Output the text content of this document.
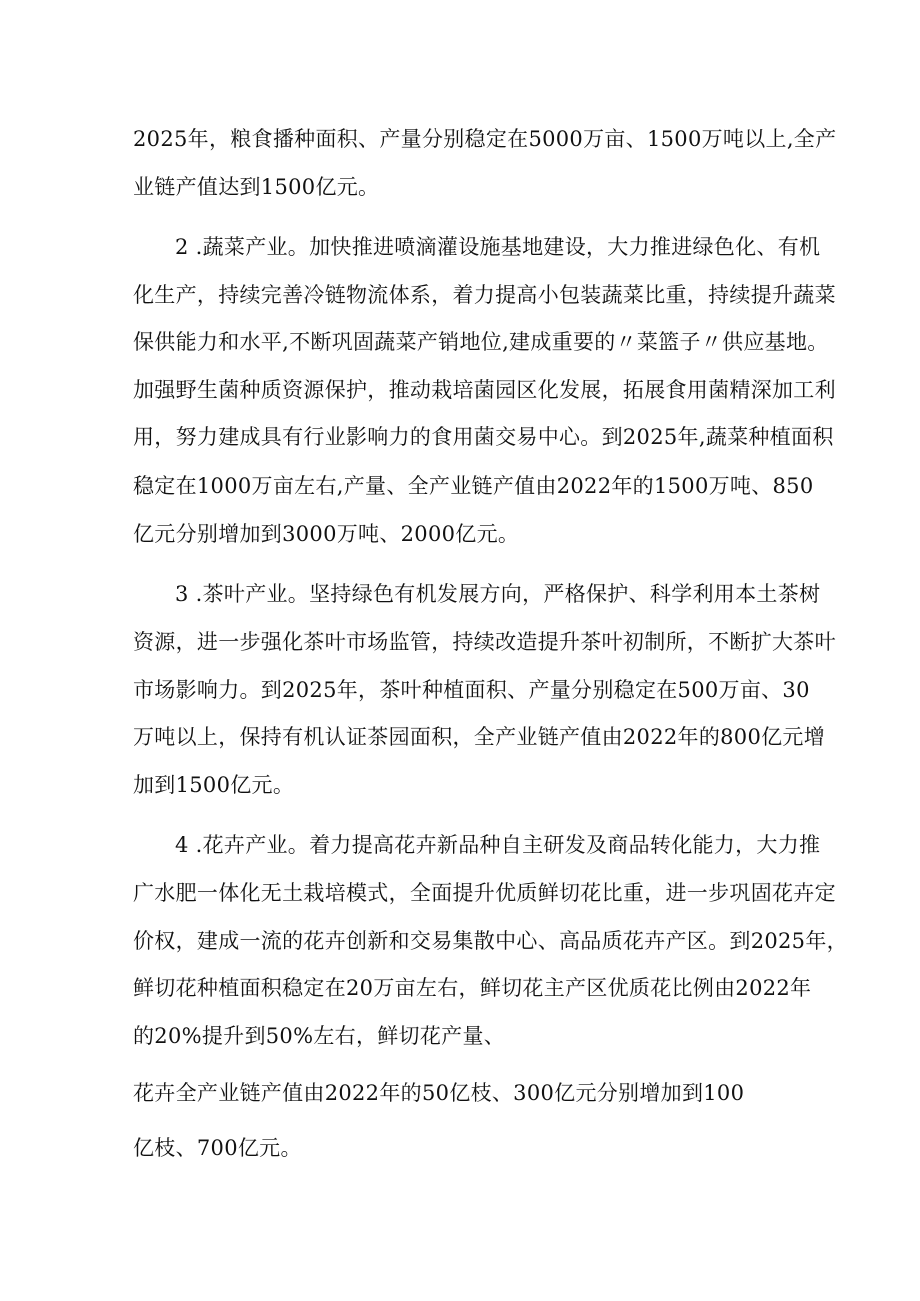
2025年，粮食播种面积、产量分别稳定在5000万亩、1500万吨以上,全产

业链产值达到1500亿元。

2 .蔬菜产业。加快推进喷滴灌设施基地建设，大力推进绿色化、有机

化生产，持续完善冷链物流体系，着力提高小包装蔬菜比重，持续提升蔬菜

保供能力和水平,不断巩固蔬菜产销地位,建成重要的〃菜篮子〃供应基地。

加强野生菌种质资源保护，推动栽培菌园区化发展，拓展食用菌精深加工利

用，努力建成具有行业影响力的食用菌交易中心。到2025年,蔬菜种植面积

稳定在1000万亩左右,产量、全产业链产值由2022年的1500万吨、850

亿元分别增加到3000万吨、2000亿元。

3 .茶叶产业。坚持绿色有机发展方向，严格保护、科学利用本土茶树

资源，进一步强化茶叶市场监管，持续改造提升茶叶初制所，不断扩大茶叶

市场影响力。到2025年，茶叶种植面积、产量分别稳定在500万亩、30

万吨以上，保持有机认证茶园面积，全产业链产值由2022年的800亿元增

加到1500亿元。

4 .花卉产业。着力提高花卉新品种自主研发及商品转化能力，大力推

广水肥一体化无土栽培模式，全面提升优质鲜切花比重，进一步巩固花卉定

价权，建成一流的花卉创新和交易集散中心、高品质花卉产区。到2025年，

鲜切花种植面积稳定在20万亩左右，鲜切花主产区优质花比例由2022年

的20%提升到50%左右，鲜切花产量、

花卉全产业链产值由2022年的50亿枝、300亿元分别增加到100

亿枝、700亿元。
